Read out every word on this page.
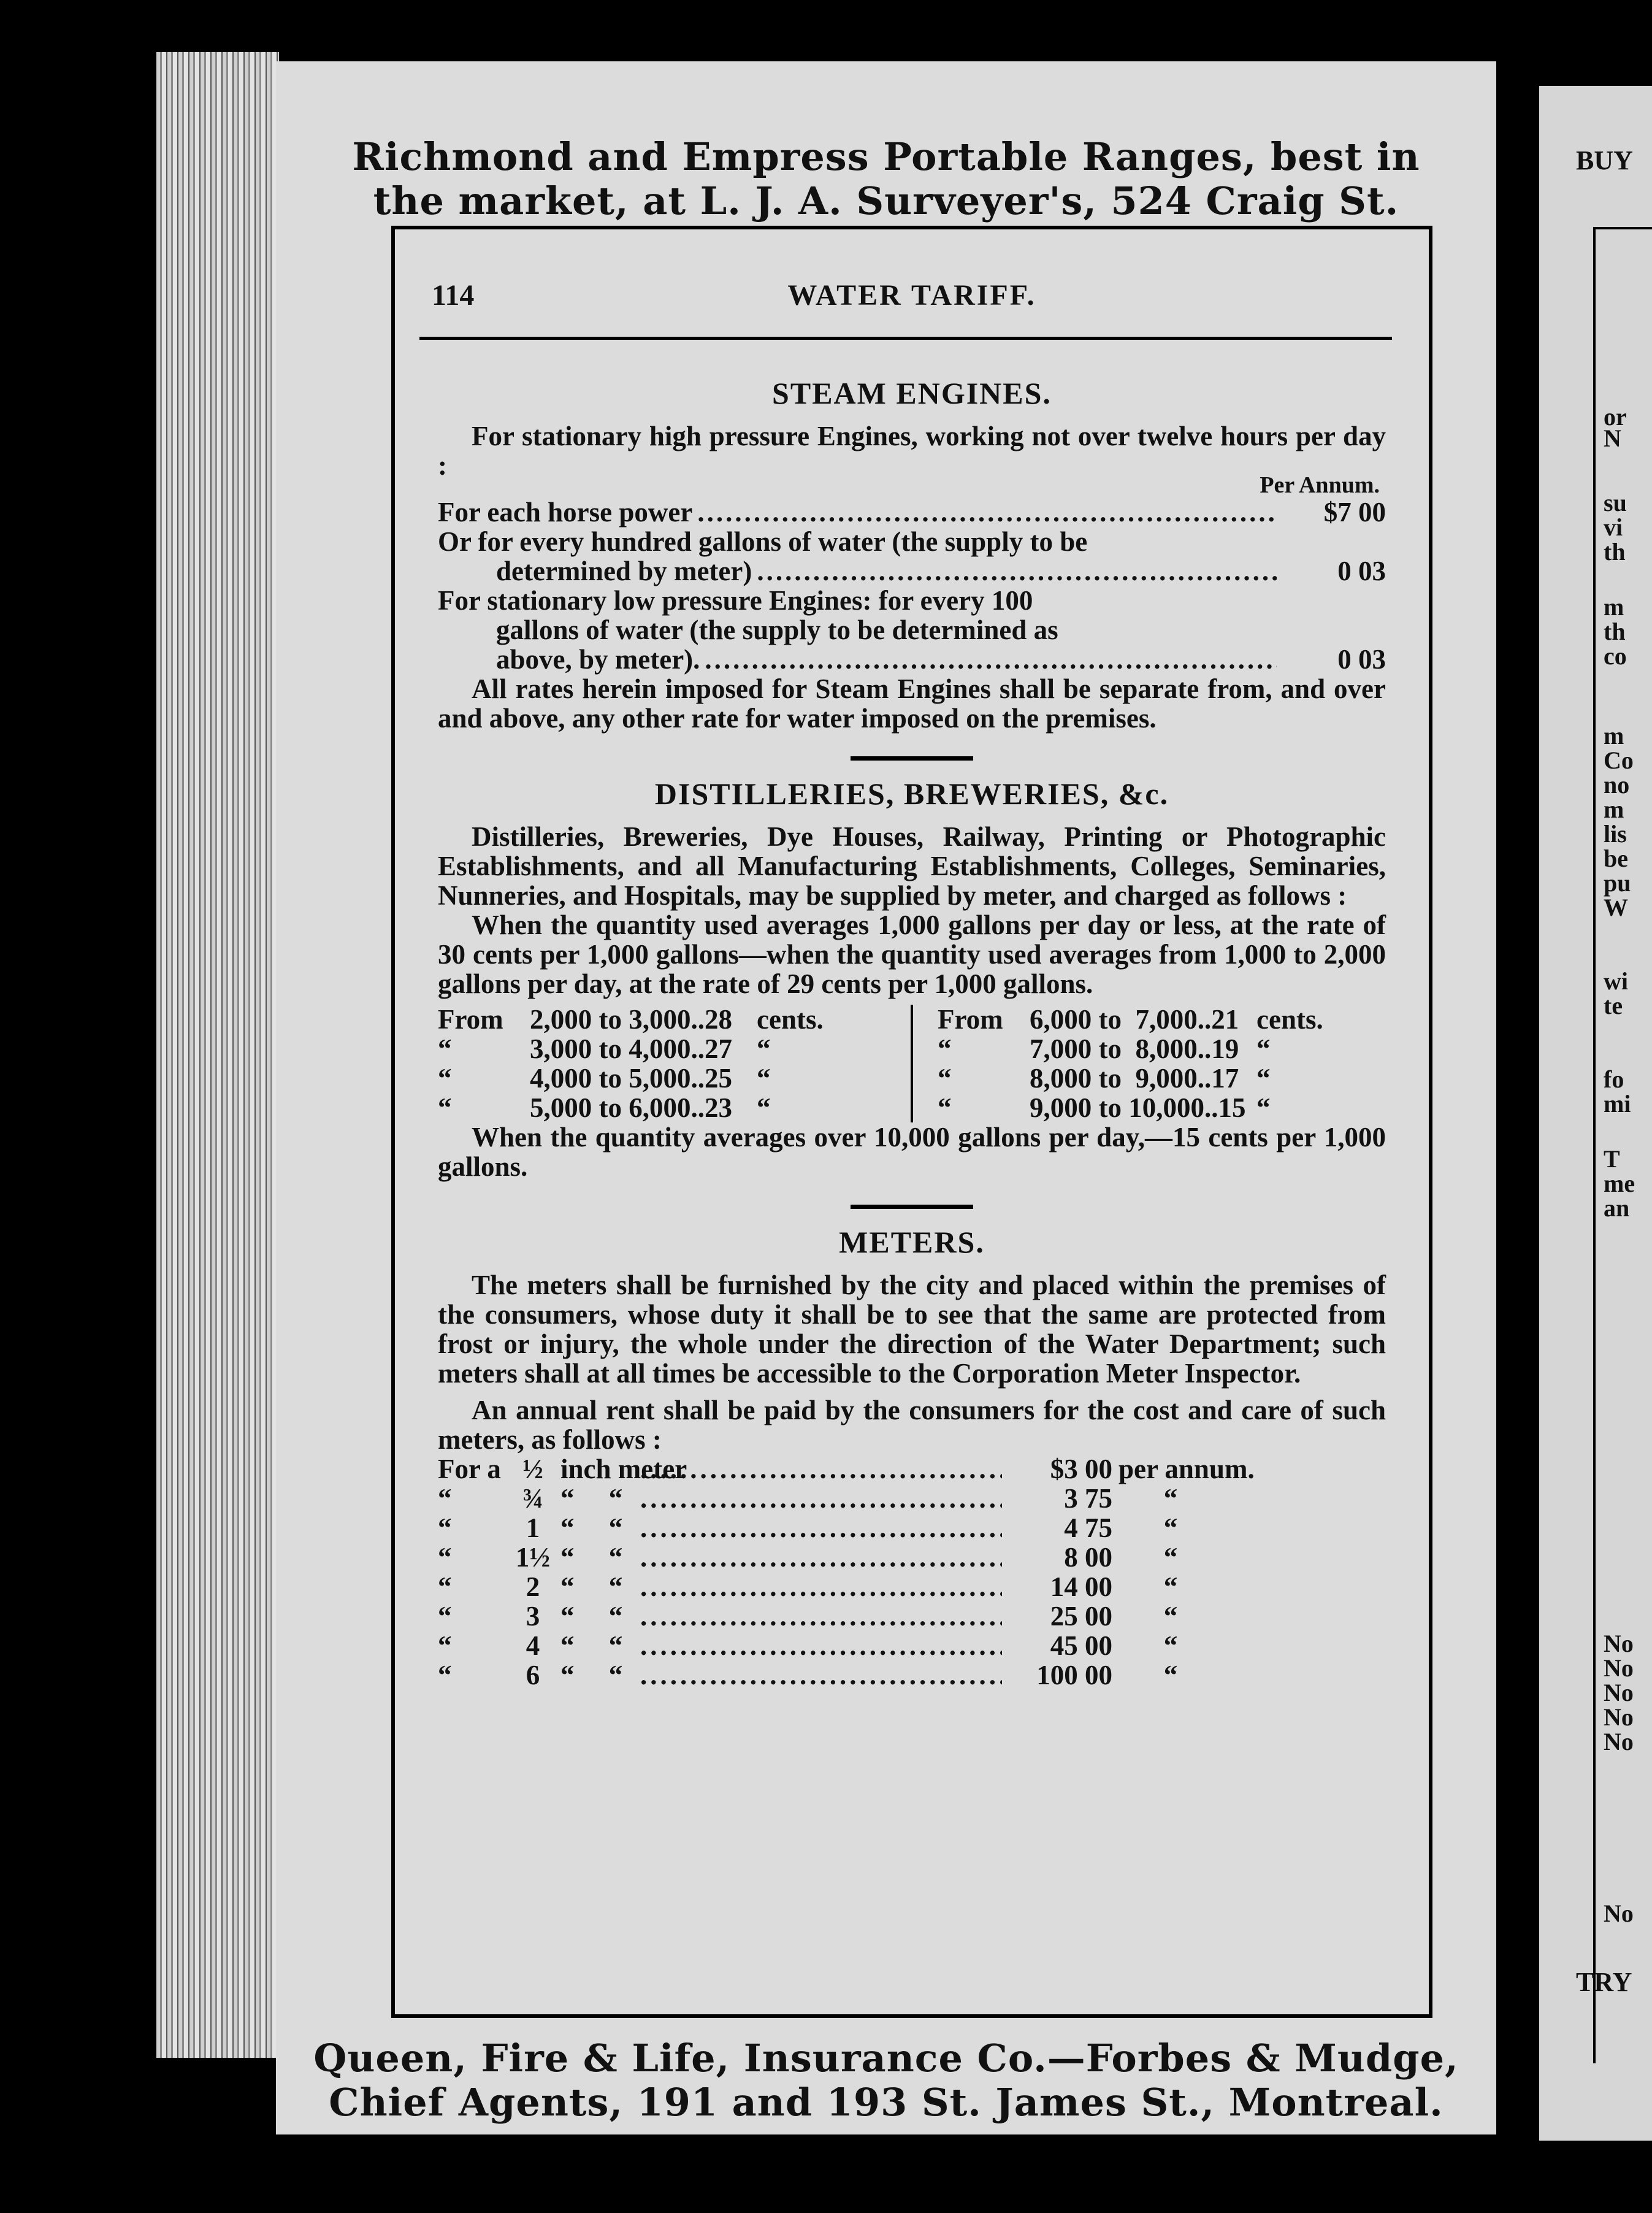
BUY
or
N
su
vi
th
m
th
co
m
Co
no
m
lis
be
pu
W
wi
te
fo
mi
T
me
an
No
No
No
No
No
No
TRY
Richmond and Empress Portable Ranges, best in
the market, at L. J. A. Surveyer's, 524 Craig St.
114	WATER TARIFF.
STEAM ENGINES.

For stationary high pressure Engines, working not over twelve hours per day :

Per Annum.
For each horse power .....	$7 00
Or for every hundred gallons of water (the supply to be
determined by meter) .....	0 03
For stationary low pressure Engines: for every 100
gallons of water (the supply to be determined as
above, by meter). .....	0 03

All rates herein imposed for Steam Engines shall be separate from, and over and above, any other rate for water imposed on the premises.

DISTILLERIES, BREWERIES, &c.

Distilleries, Breweries, Dye Houses, Railway, Printing or Photographic Establishments, and all Manufacturing Establishments, Colleges, Seminaries, Nunneries, and Hospitals, may be supplied by meter, and charged as follows :

When the quantity used averages 1,000 gallons per day or less, at the rate of 30 cents per 1,000 gallons—when the quantity used averages from 1,000 to 2,000 gallons per day, at the rate of 29 cents per 1,000 gallons.

From 2,000 to 3,000..28 cents.
“	3,000 to 4,000..27 “
“	4,000 to 5,000..25 “
“	5,000 to 6,000..23 “
From 6,000 to  7,000..21 cents.
“	7,000 to  8,000..19 “
“	8,000 to  9,000..17 “
“	9,000 to 10,000..15 “

When the quantity averages over 10,000 gallons per day,—15 cents per 1,000 gallons.

METERS.

The meters shall be furnished by the city and placed within the premises of the consumers, whose duty it shall be to see that the same are protected from frost or injury, the whole under the direction of the Water Department; such meters shall at all times be accessible to the Corporation Meter Inspector.

An annual rent shall be paid by the consumers for the cost and care of such meters, as follows :

For a ½ inch meter .....	$3 00 per annum.
“	¾ “     “ .....	3 75	“
“	1 “     “ .....	4 75	“
“	1½ “     “ .....	8 00	“
“	2 “     “ .....	14 00	“
“	3 “     “ .....	25 00	“
“	4 “     “ .....	45 00	“
“	6 “     “ .....	100 00	“
Queen, Fire & Life, Insurance Co.—Forbes & Mudge,
Chief Agents, 191 and 193 St. James St., Montreal.
